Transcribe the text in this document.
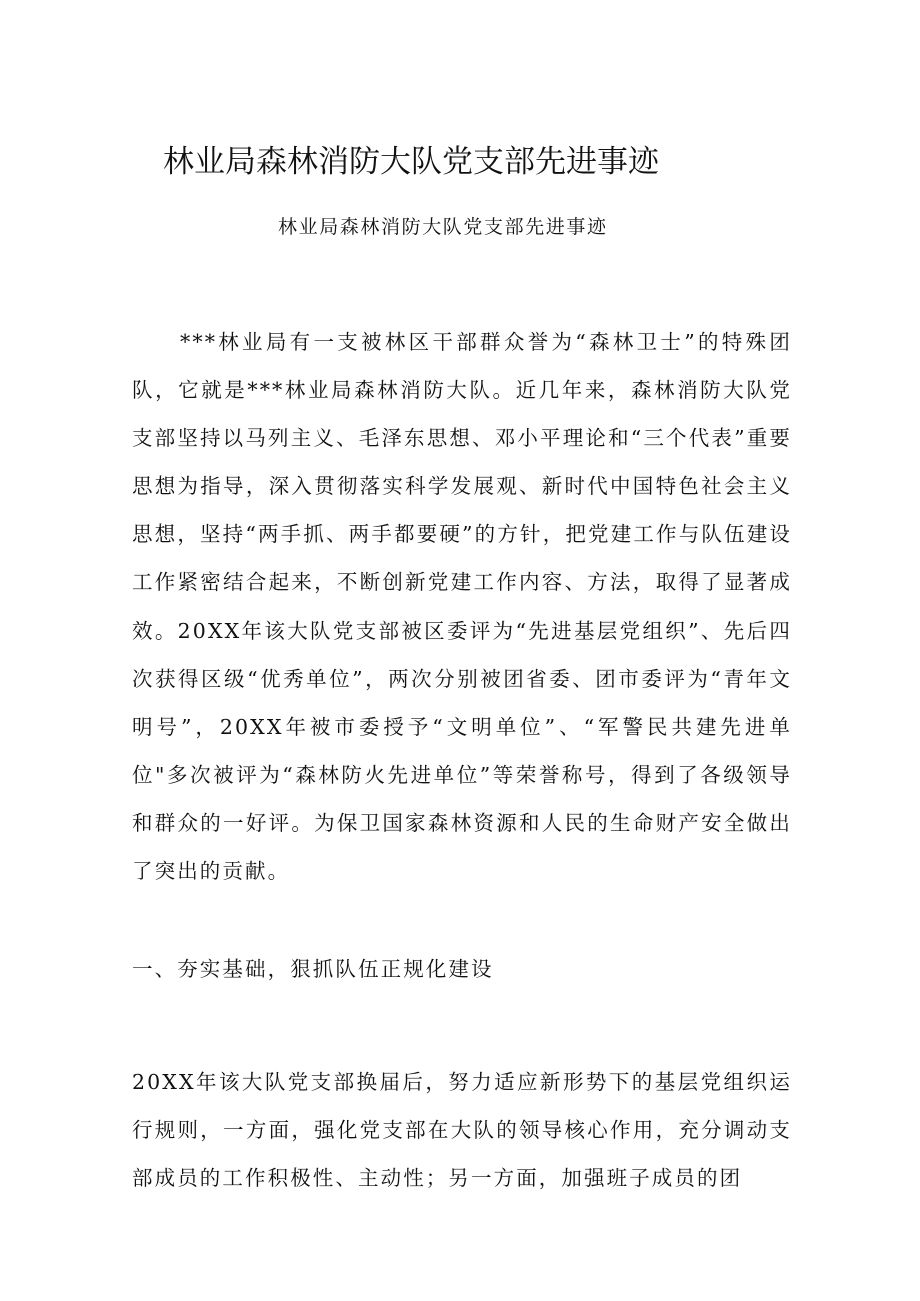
林业局森林消防大队党支部先进事迹
林业局森林消防大队党支部先进事迹

***林业局有一支被林区干部群众誉为“森林卫士”的特殊团队，它就是***林业局森林消防大队。近几年来，森林消防大队党支部坚持以马列主义、毛泽东思想、邓小平理论和“三个代表”重要思想为指导，深入贯彻落实科学发展观、新时代中国特色社会主义思想，坚持“两手抓、两手都要硬”的方针，把党建工作与队伍建设工作紧密结合起来，不断创新党建工作内容、方法，取得了显著成效。20XX年该大队党支部被区委评为“先进基层党组织”、先后四次获得区级“优秀单位”，两次分别被团省委、团市委评为“青年文明号”，20XX年被市委授予“文明单位”、“军警民共建先进单位"多次被评为“森林防火先进单位”等荣誉称号，得到了各级领导和群众的一好评。为保卫国家森林资源和人民的生命财产安全做出了突出的贡献。

一、夯实基础，狠抓队伍正规化建设

20XX年该大队党支部换届后，努力适应新形势下的基层党组织运行规则，一方面，强化党支部在大队的领导核心作用，充分调动支部成员的工作积极性、主动性；另一方面，加强班子成员的团
